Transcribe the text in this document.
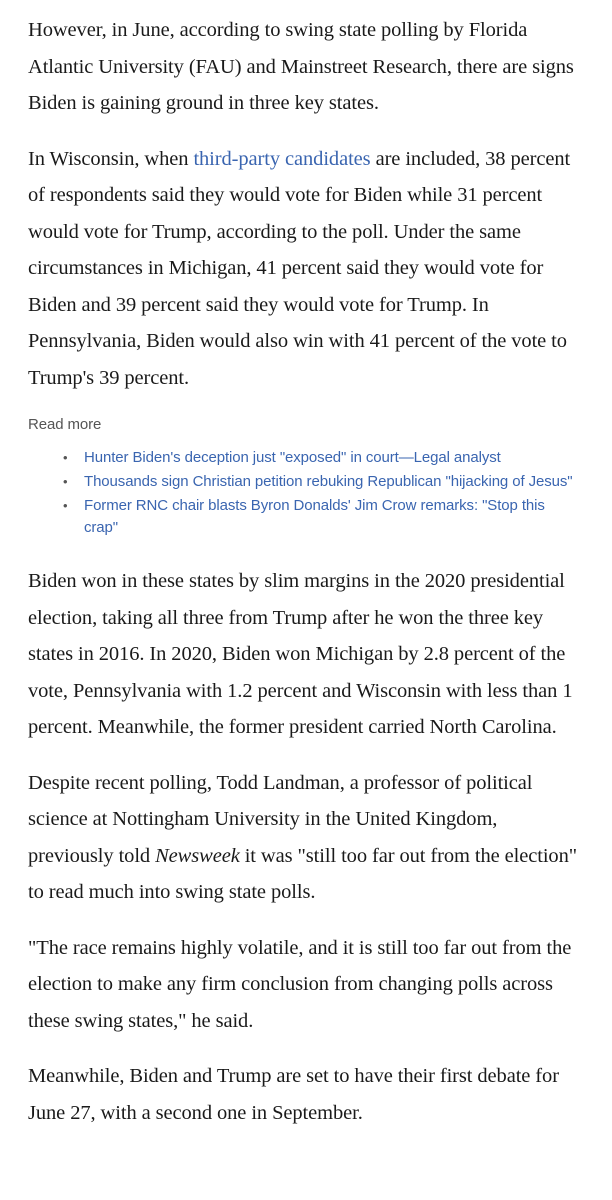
However, in June, according to swing state polling by Florida Atlantic University (FAU) and Mainstreet Research, there are signs Biden is gaining ground in three key states.

In Wisconsin, when third-party candidates are included, 38 percent of respondents said they would vote for Biden while 31 percent would vote for Trump, according to the poll. Under the same circumstances in Michigan, 41 percent said they would vote for Biden and 39 percent said they would vote for Trump. In Pennsylvania, Biden would also win with 41 percent of the vote to Trump's 39 percent.

Read more
• Hunter Biden's deception just "exposed" in court—Legal analyst
• Thousands sign Christian petition rebuking Republican "hijacking of Jesus"
• Former RNC chair blasts Byron Donalds' Jim Crow remarks: "Stop this crap"

Biden won in these states by slim margins in the 2020 presidential election, taking all three from Trump after he won the three key states in 2016. In 2020, Biden won Michigan by 2.8 percent of the vote, Pennsylvania with 1.2 percent and Wisconsin with less than 1 percent. Meanwhile, the former president carried North Carolina.

Despite recent polling, Todd Landman, a professor of political science at Nottingham University in the United Kingdom, previously told Newsweek it was "still too far out from the election" to read much into swing state polls.

"The race remains highly volatile, and it is still too far out from the election to make any firm conclusion from changing polls across these swing states," he said.

Meanwhile, Biden and Trump are set to have their first debate for June 27, with a second one in September.
